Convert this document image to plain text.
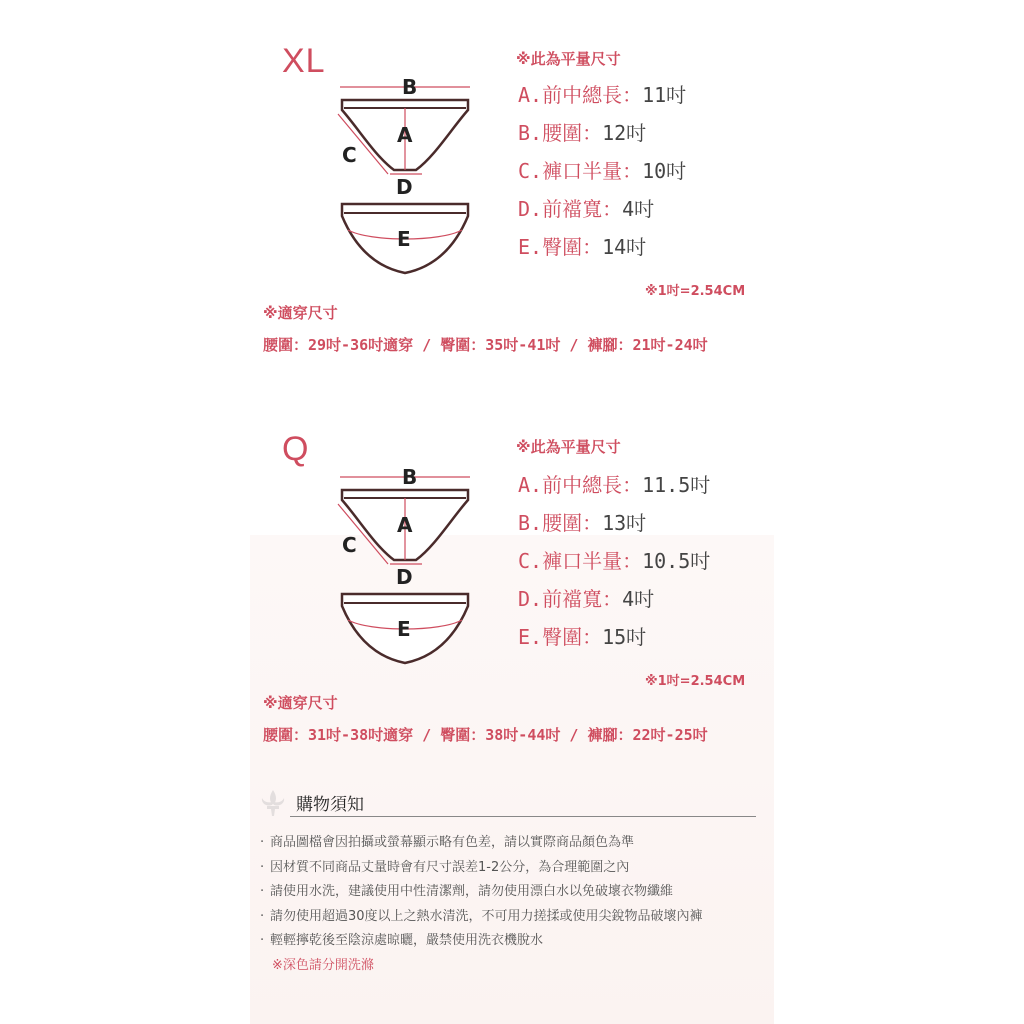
XL
B
A
C
D
E
※此為平量尺寸
A.前中總長：11吋
B.腰圍：12吋
C.褲口半量：10吋
D.前襠寬：4吋
E.臀圍：14吋
※1吋=2.54CM
※適穿尺寸
腰圍：29吋-36吋適穿 / 臀圍：35吋-41吋 / 褲腳：21吋-24吋
Q
B
A
C
D
E
※此為平量尺寸
A.前中總長：11.5吋
B.腰圍：13吋
C.褲口半量：10.5吋
D.前襠寬：4吋
E.臀圍：15吋
※1吋=2.54CM
※適穿尺寸
腰圍：31吋-38吋適穿 / 臀圍：38吋-44吋 / 褲腳：22吋-25吋
購物須知
· 商品圖檔會因拍攝或螢幕顯示略有色差，請以實際商品顏色為準
· 因材質不同商品丈量時會有尺寸誤差1-2公分，為合理範圍之內
· 請使用水洗，建議使用中性清潔劑，請勿使用漂白水以免破壞衣物纖維
· 請勿使用超過30度以上之熱水清洗，不可用力搓揉或使用尖銳物品破壞內褲
· 輕輕擰乾後至陰涼處晾曬，嚴禁使用洗衣機脫水
※深色請分開洗滌
